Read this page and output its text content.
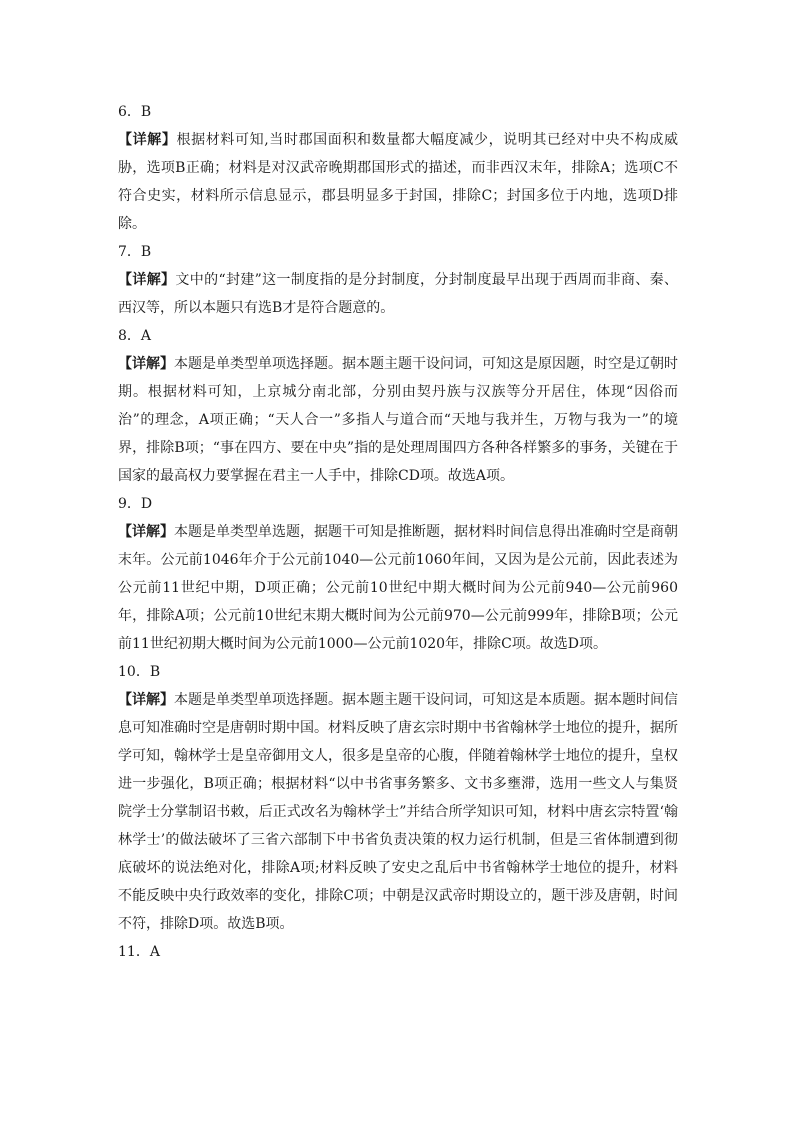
6．B
【详解】根据材料可知,当时郡国面积和数量都大幅度减少，说明其已经对中央不构成威胁，选项B正确；材料是对汉武帝晚期郡国形式的描述，而非西汉末年，排除A；选项C不符合史实，材料所示信息显示，郡县明显多于封国，排除C；封国多位于内地，选项D排除。
7．B
【详解】文中的“封建”这一制度指的是分封制度，分封制度最早出现于西周而非商、秦、西汉等，所以本题只有选B才是符合题意的。
8．A
【详解】本题是单类型单项选择题。据本题主题干设问词，可知这是原因题，时空是辽朝时期。根据材料可知，上京城分南北部，分别由契丹族与汉族等分开居住，体现“因俗而治”的理念，A项正确；“天人合一”多指人与道合而“天地与我并生，万物与我为一”的境界，排除B项；“事在四方、要在中央”指的是处理周围四方各种各样繁多的事务，关键在于国家的最高权力要掌握在君主一人手中，排除CD项。故选A项。
9．D
【详解】本题是单类型单选题，据题干可知是推断题，据材料时间信息得出准确时空是商朝末年。公元前1046年介于公元前1040—公元前1060年间，又因为是公元前，因此表述为公元前11世纪中期，D项正确；公元前10世纪中期大概时间为公元前940—公元前960年，排除A项；公元前10世纪末期大概时间为公元前970—公元前999年，排除B项；公元前11世纪初期大概时间为公元前1000—公元前1020年，排除C项。故选D项。
10．B
【详解】本题是单类型单项选择题。据本题主题干设问词，可知这是本质题。据本题时间信息可知准确时空是唐朝时期中国。材料反映了唐玄宗时期中书省翰林学士地位的提升，据所学可知，翰林学士是皇帝御用文人，很多是皇帝的心腹，伴随着翰林学士地位的提升，皇权进一步强化，B项正确；根据材料“以中书省事务繁多、文书多壅滞，选用一些文人与集贤院学士分掌制诏书敕，后正式改名为翰林学士”并结合所学知识可知，材料中唐玄宗特置‘翰林学士’的做法破坏了三省六部制下中书省负责决策的权力运行机制，但是三省体制遭到彻底破坏的说法绝对化，排除A项;材料反映了安史之乱后中书省翰林学士地位的提升，材料不能反映中央行政效率的变化，排除C项；中朝是汉武帝时期设立的，题干涉及唐朝，时间不符，排除D项。故选B项。
11．A
